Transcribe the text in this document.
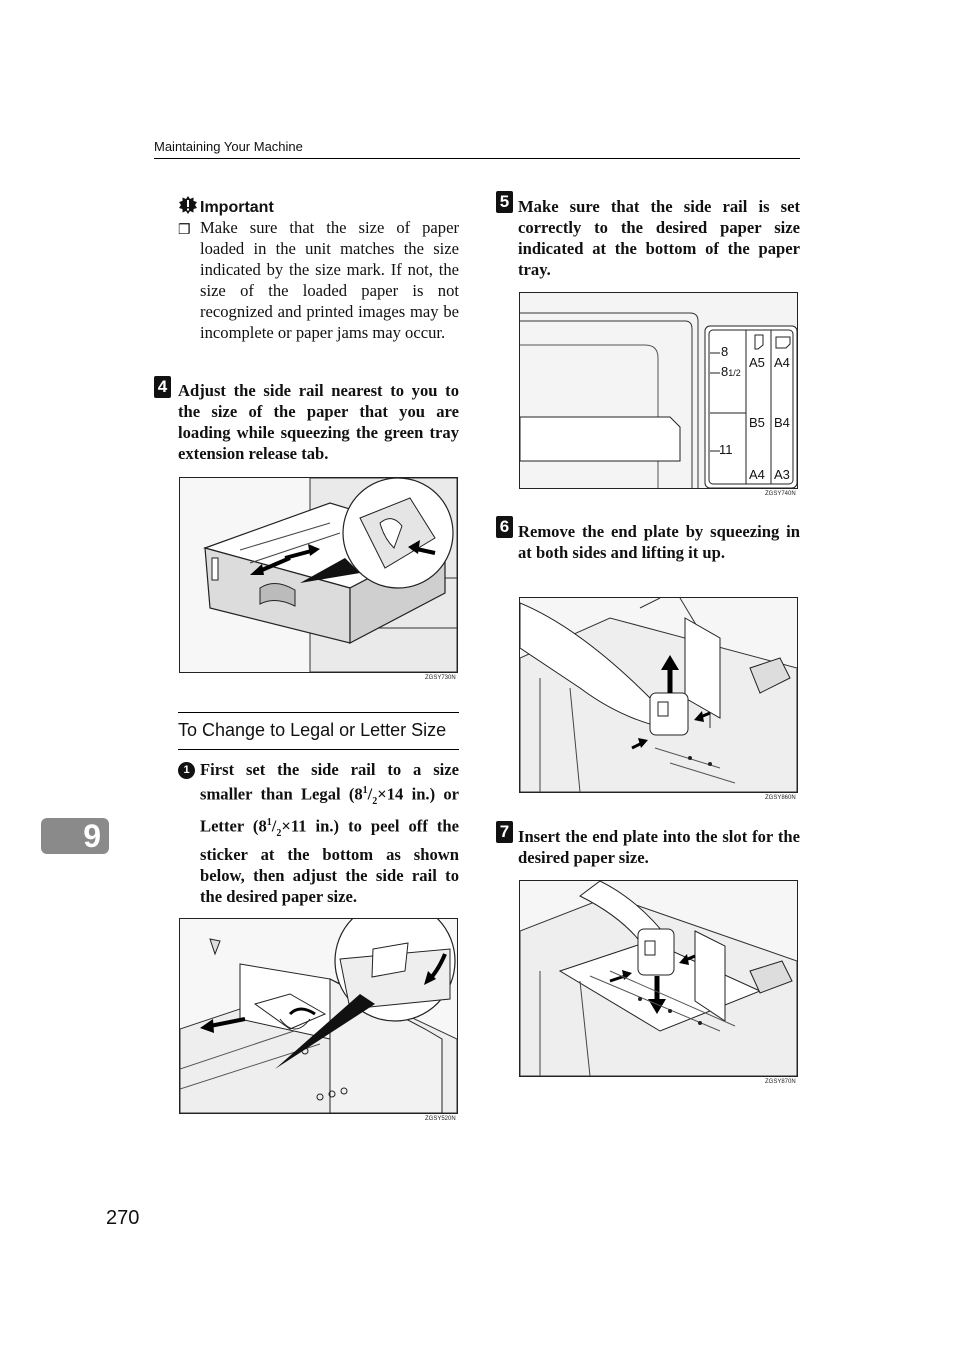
Maintaining Your Machine
Important
❒ Make sure that the size of paper loaded in the unit matches the size indicated by the size mark. If not, the size of the loaded paper is not recognized and printed images may be incomplete or paper jams may occur.
4 Adjust the side rail nearest to you to the size of the paper that you are loading while squeezing the green tray extension release tab.
ZGSY730N
To Change to Legal or Letter Size
1 First set the side rail to a size smaller than Legal ($8^1/_2\times 14$ in.) or Letter ($8^1/_2\times 11$ in.) to peel off the sticker at the bottom as shown below, then adjust the side rail to the desired paper size.
ZGSY520N
5 Make sure that the side rail is set correctly to the desired paper size indicated at the bottom of the paper tray.
8
81/2
11
A5 A4
B5 B4
A4 A3
ZGSY740N
6 Remove the end plate by squeezing in at both sides and lifting it up.
ZGSY860N
7 Insert the end plate into the slot for the desired paper size.
ZGSY870N
9
270
